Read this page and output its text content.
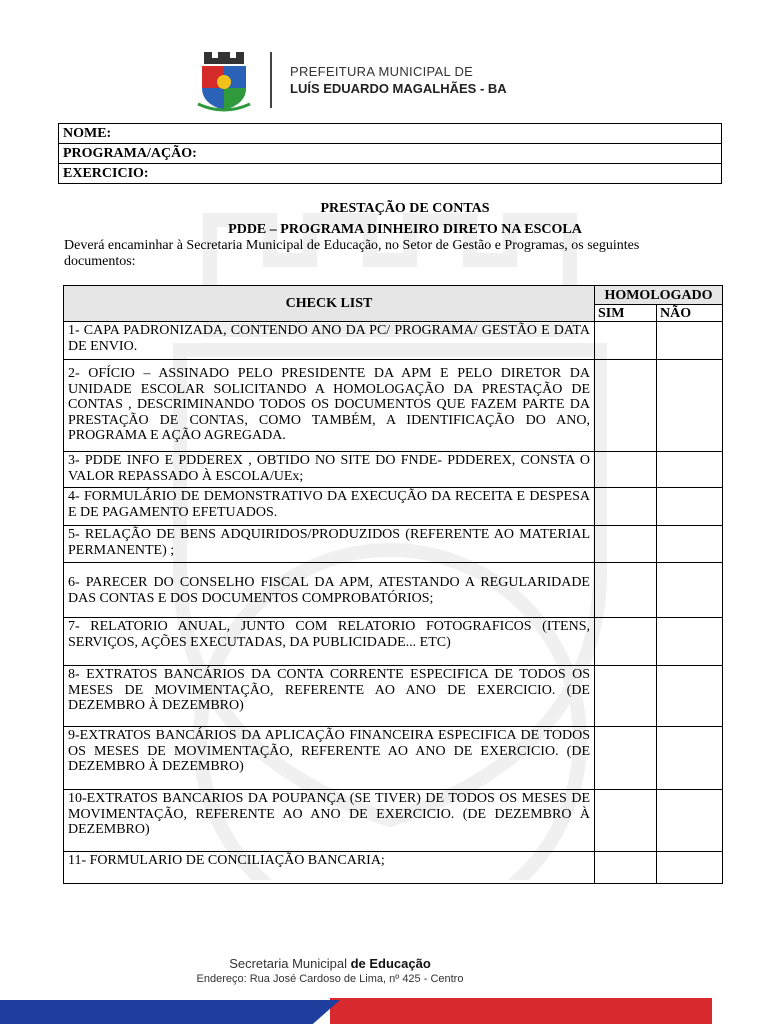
PREFEITURA MUNICIPAL DE
LUÍS EDUARDO MAGALHÃES - BA
NOME:
PROGRAMA/AÇÃO:
EXERCICIO:
PRESTAÇÃO DE CONTAS
PDDE – PROGRAMA DINHEIRO DIRETO NA ESCOLA
Deverá encaminhar à Secretaria Municipal de Educação, no Setor de Gestão e Programas, os seguintes documentos:
CHECK LIST	HOMOLOGADO	
	SIM	NÃO
1- CAPA PADRONIZADA, CONTENDO ANO DA PC/ PROGRAMA/ GESTÃO E DATA DE ENVIO.		
2- OFÍCIO – ASSINADO PELO PRESIDENTE DA APM E PELO DIRETOR DA UNIDADE ESCOLAR SOLICITANDO A HOMOLOGAÇÃO DA PRESTAÇÃO DE CONTAS , DESCRIMINANDO TODOS OS DOCUMENTOS QUE FAZEM PARTE DA PRESTAÇÃO DE CONTAS, COMO TAMBÉM, A IDENTIFICAÇÃO DO ANO, PROGRAMA E AÇÃO AGREGADA.		
3- PDDE INFO E PDDEREX , OBTIDO NO SITE DO FNDE- PDDEREX, CONSTA O VALOR REPASSADO À ESCOLA/UEx;		
4- FORMULÁRIO DE DEMONSTRATIVO DA EXECUÇÃO DA RECEITA E DESPESA E DE PAGAMENTO EFETUADOS.		
5- RELAÇÃO DE BENS ADQUIRIDOS/PRODUZIDOS (REFERENTE AO MATERIAL PERMANENTE) ;		
6- PARECER DO CONSELHO FISCAL DA APM, ATESTANDO A REGULARIDADE DAS CONTAS E DOS DOCUMENTOS COMPROBATÓRIOS;		
7- RELATORIO ANUAL, JUNTO COM RELATORIO FOTOGRAFICOS (ITENS, SERVIÇOS, AÇÕES EXECUTADAS, DA PUBLICIDADE... ETC)		
8- EXTRATOS BANCÁRIOS DA CONTA CORRENTE ESPECIFICA DE TODOS OS MESES DE MOVIMENTAÇÃO, REFERENTE AO ANO DE EXERCICIO. (DE DEZEMBRO À DEZEMBRO)		
9-EXTRATOS BANCÁRIOS DA APLICAÇÃO FINANCEIRA ESPECIFICA DE TODOS OS MESES DE MOVIMENTAÇÃO, REFERENTE AO ANO DE EXERCICIO. (DE DEZEMBRO À DEZEMBRO)		
10-EXTRATOS BANCARIOS DA POUPANÇA (SE TIVER) DE TODOS OS MESES DE MOVIMENTAÇÃO, REFERENTE AO ANO DE EXERCICIO. (DE DEZEMBRO À DEZEMBRO)		
11- FORMULARIO DE CONCILIAÇÃO BANCARIA;		
Secretaria Municipal de Educação
Endereço: Rua José Cardoso de Lima, nº 425 - Centro
